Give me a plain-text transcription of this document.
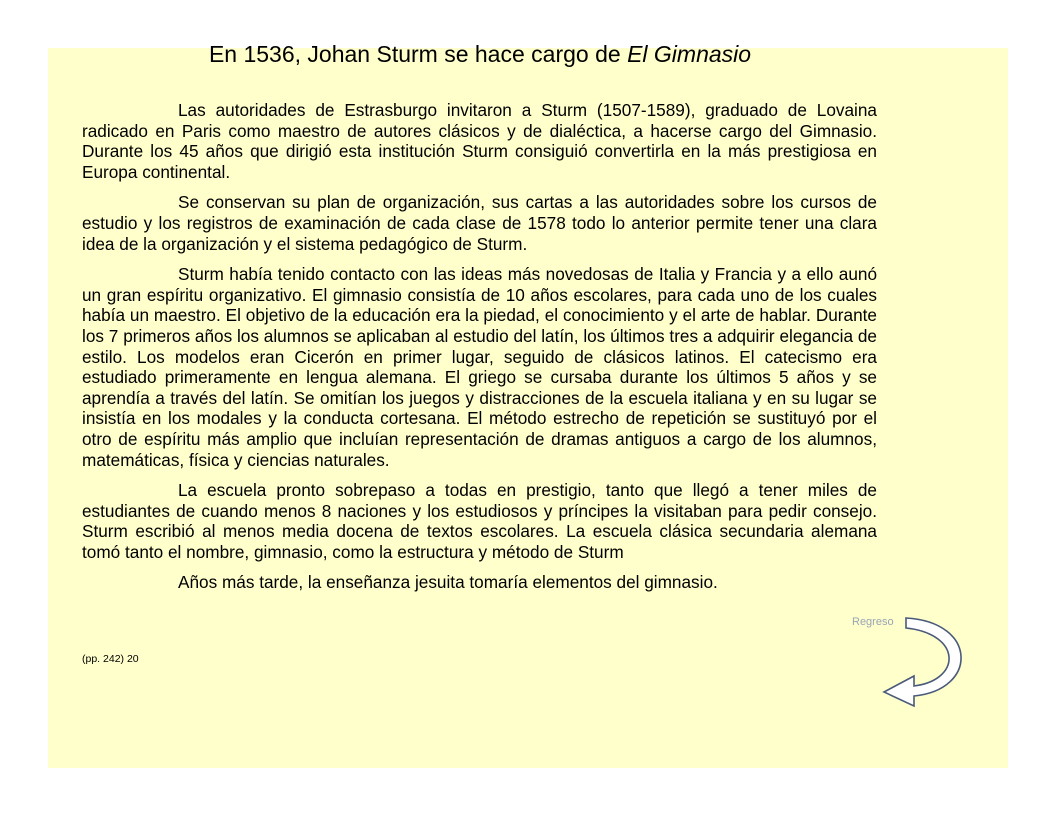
En 1536, Johan Sturm se hace cargo de El Gimnasio

Las autoridades de Estrasburgo invitaron a Sturm (1507-1589), graduado de Lovaina radicado en Paris como maestro de autores clásicos y de dialéctica, a hacerse cargo del Gimnasio. Durante los 45 años que dirigió esta institución Sturm consiguió convertirla en la más prestigiosa en Europa continental.

Se conservan su plan de organización, sus cartas a las autoridades sobre los cursos de estudio y los registros de examinación de cada clase de 1578 todo lo anterior permite tener una clara idea de la organización y el sistema pedagógico de Sturm.

Sturm había tenido contacto con las ideas más novedosas de Italia y Francia y a ello aunó un gran espíritu organizativo. El gimnasio consistía de 10 años escolares, para cada uno de los cuales había un maestro. El objetivo de la educación era la piedad, el conocimiento y el arte de hablar. Durante los 7 primeros años los alumnos se aplicaban al estudio del latín, los últimos tres a adquirir elegancia de estilo. Los modelos eran Cicerón en primer lugar, seguido de clásicos latinos. El catecismo era estudiado primeramente en lengua alemana. El griego se cursaba durante los últimos 5 años y se aprendía a través del latín. Se omitían los juegos y distracciones de la escuela italiana y en su lugar se insistía en los modales y la conducta cortesana. El método estrecho de repetición se sustituyó por el otro de espíritu más amplio que incluían representación de dramas antiguos a cargo de los alumnos, matemáticas, física y ciencias naturales.

La escuela pronto sobrepaso a todas en prestigio, tanto que llegó a tener miles de estudiantes de cuando menos 8 naciones y los estudiosos y príncipes la visitaban para pedir consejo. Sturm escribió al menos media docena de textos escolares. La escuela clásica secundaria alemana tomó tanto el nombre, gimnasio, como la estructura y método de Sturm

Años más tarde, la enseñanza jesuita tomaría elementos del gimnasio.

(pp. 242) 20
Regreso
